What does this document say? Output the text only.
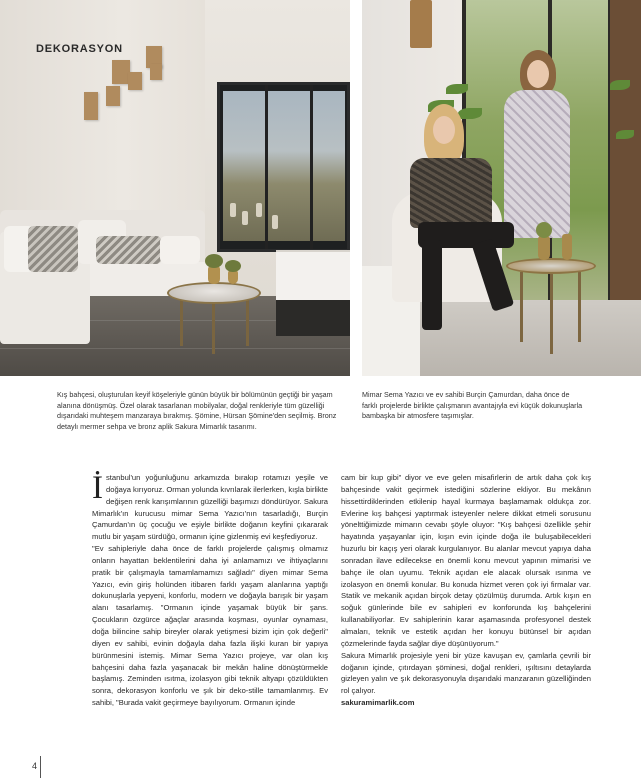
DEKORASYON
Kış bahçesi, oluşturulan keyif köşeleriyle günün büyük bir bölümünün geçtiği bir yaşam alanına dönüşmüş. Özel olarak tasarlanan mobilyalar, doğal renkleriyle tüm güzelliği dışarıdaki muhteşem manzaraya bırakmış. Şömine, Hürsan Şömine'den seçilmiş. Bronz detaylı mermer sehpa ve bronz aplik Sakura Mimarlık tasarımı.
Mimar Sema Yazıcı ve ev sahibi Burçin Çamurdan, daha önce de farklı projelerde birlikte çalışmanın avantajıyla evi küçük dokunuşlarla bambaşka bir atmosfere taşımışlar.

İstanbul'un yoğunluğunu arkamızda bırakıp rotamızı yeşile ve doğaya kırıyoruz. Orman yolunda kıvrılarak ilerlerken, kışla birlikte değişen renk karışımlarının güzelliği başımızı döndürüyor. Sakura Mimarlık'ın kurucusu mimar Sema Yazıcı'nın tasarladığı, Burçin Çamurdan'ın üç çocuğu ve eşiyle birlikte doğanın keyfini çıkararak mutlu bir yaşam sürdüğü, ormanın içine gizlenmiş evi keşfediyoruz.

"Ev sahipleriyle daha önce de farklı projelerde çalışmış olmamız onların hayattan beklentilerini daha iyi anlamamızı ve ihtiyaçlarını pratik bir çalışmayla tamamlamamızı sağladı" diyen mimar Sema Yazıcı, evin giriş holünden itibaren farklı yaşam alanlarına yaptığı dokunuşlarla yepyeni, konforlu, modern ve doğayla barışık bir yaşam alanı tasarlamış. "Ormanın içinde yaşamak büyük bir şans. Çocukların özgürce ağaçlar arasında koşması, oyunlar oynaması, doğa bilincine sahip bireyler olarak yetişmesi bizim için çok değerli" diyen ev sahibi, evinin doğayla daha fazla ilişki kuran bir yapıya bürünmesini istemiş. Mimar Sema Yazıcı projeye, var olan kış bahçesini daha fazla yaşanacak bir mekân haline dönüştürmekle başlamış. Zeminden ısıtma, izolasyon gibi teknik altyapı çözüldükten sonra, dekorasyon konforlu ve şık bir deko-stille tamamlanmış. Ev sahibi, "Burada vakit geçirmeye bayılıyorum. Ormanın içinde

cam bir kup gibi" diyor ve eve gelen misafirlerin de artık daha çok kış bahçesinde vakit geçirmek istediğini sözlerine ekliyor. Bu mekânın hissettirdiklerinden etkilenip hayal kurmaya başlamamak oldukça zor. Evlerine kış bahçesi yaptırmak isteyenler nelere dikkat etmeli sorusunu yönelttiğimizde mimarın cevabı şöyle oluyor: "Kış bahçesi özellikle şehir hayatında yaşayanlar için, kışın evin içinde doğa ile buluşabilecekleri huzurlu bir kaçış yeri olarak kurgulanıyor. Bu alanlar mevcut yapıya daha sonradan ilave edilecekse en önemli konu mevcut yapının mimarisi ve bahçe ile olan uyumu. Teknik açıdan ele alacak olursak ısınma ve izolasyon en önemli konular. Bu konuda hizmet veren çok iyi firmalar var. Statik ve mekanik açıdan birçok detay çözülmüş durumda. Artık kışın en soğuk günlerinde bile ev sahipleri ev konforunda kış bahçelerini kullanabiliyorlar. Ev sahiplerinin karar aşamasında profesyonel destek almaları, teknik ve estetik açıdan her konuyu bütünsel bir açıdan çözmelerinde fayda sağlar diye düşünüyorum."

Sakura Mimarlık projesiyle yeni bir yüze kavuşan ev, çamlarla çevrili bir doğanın içinde, çıtırdayan şöminesi, doğal renkleri, ışıltısını detaylarda gizleyen yalın ve şık dekorasyonuyla dışarıdaki manzaranın güzelliğinden rol çalıyor.

sakuramimarlik.com

4
